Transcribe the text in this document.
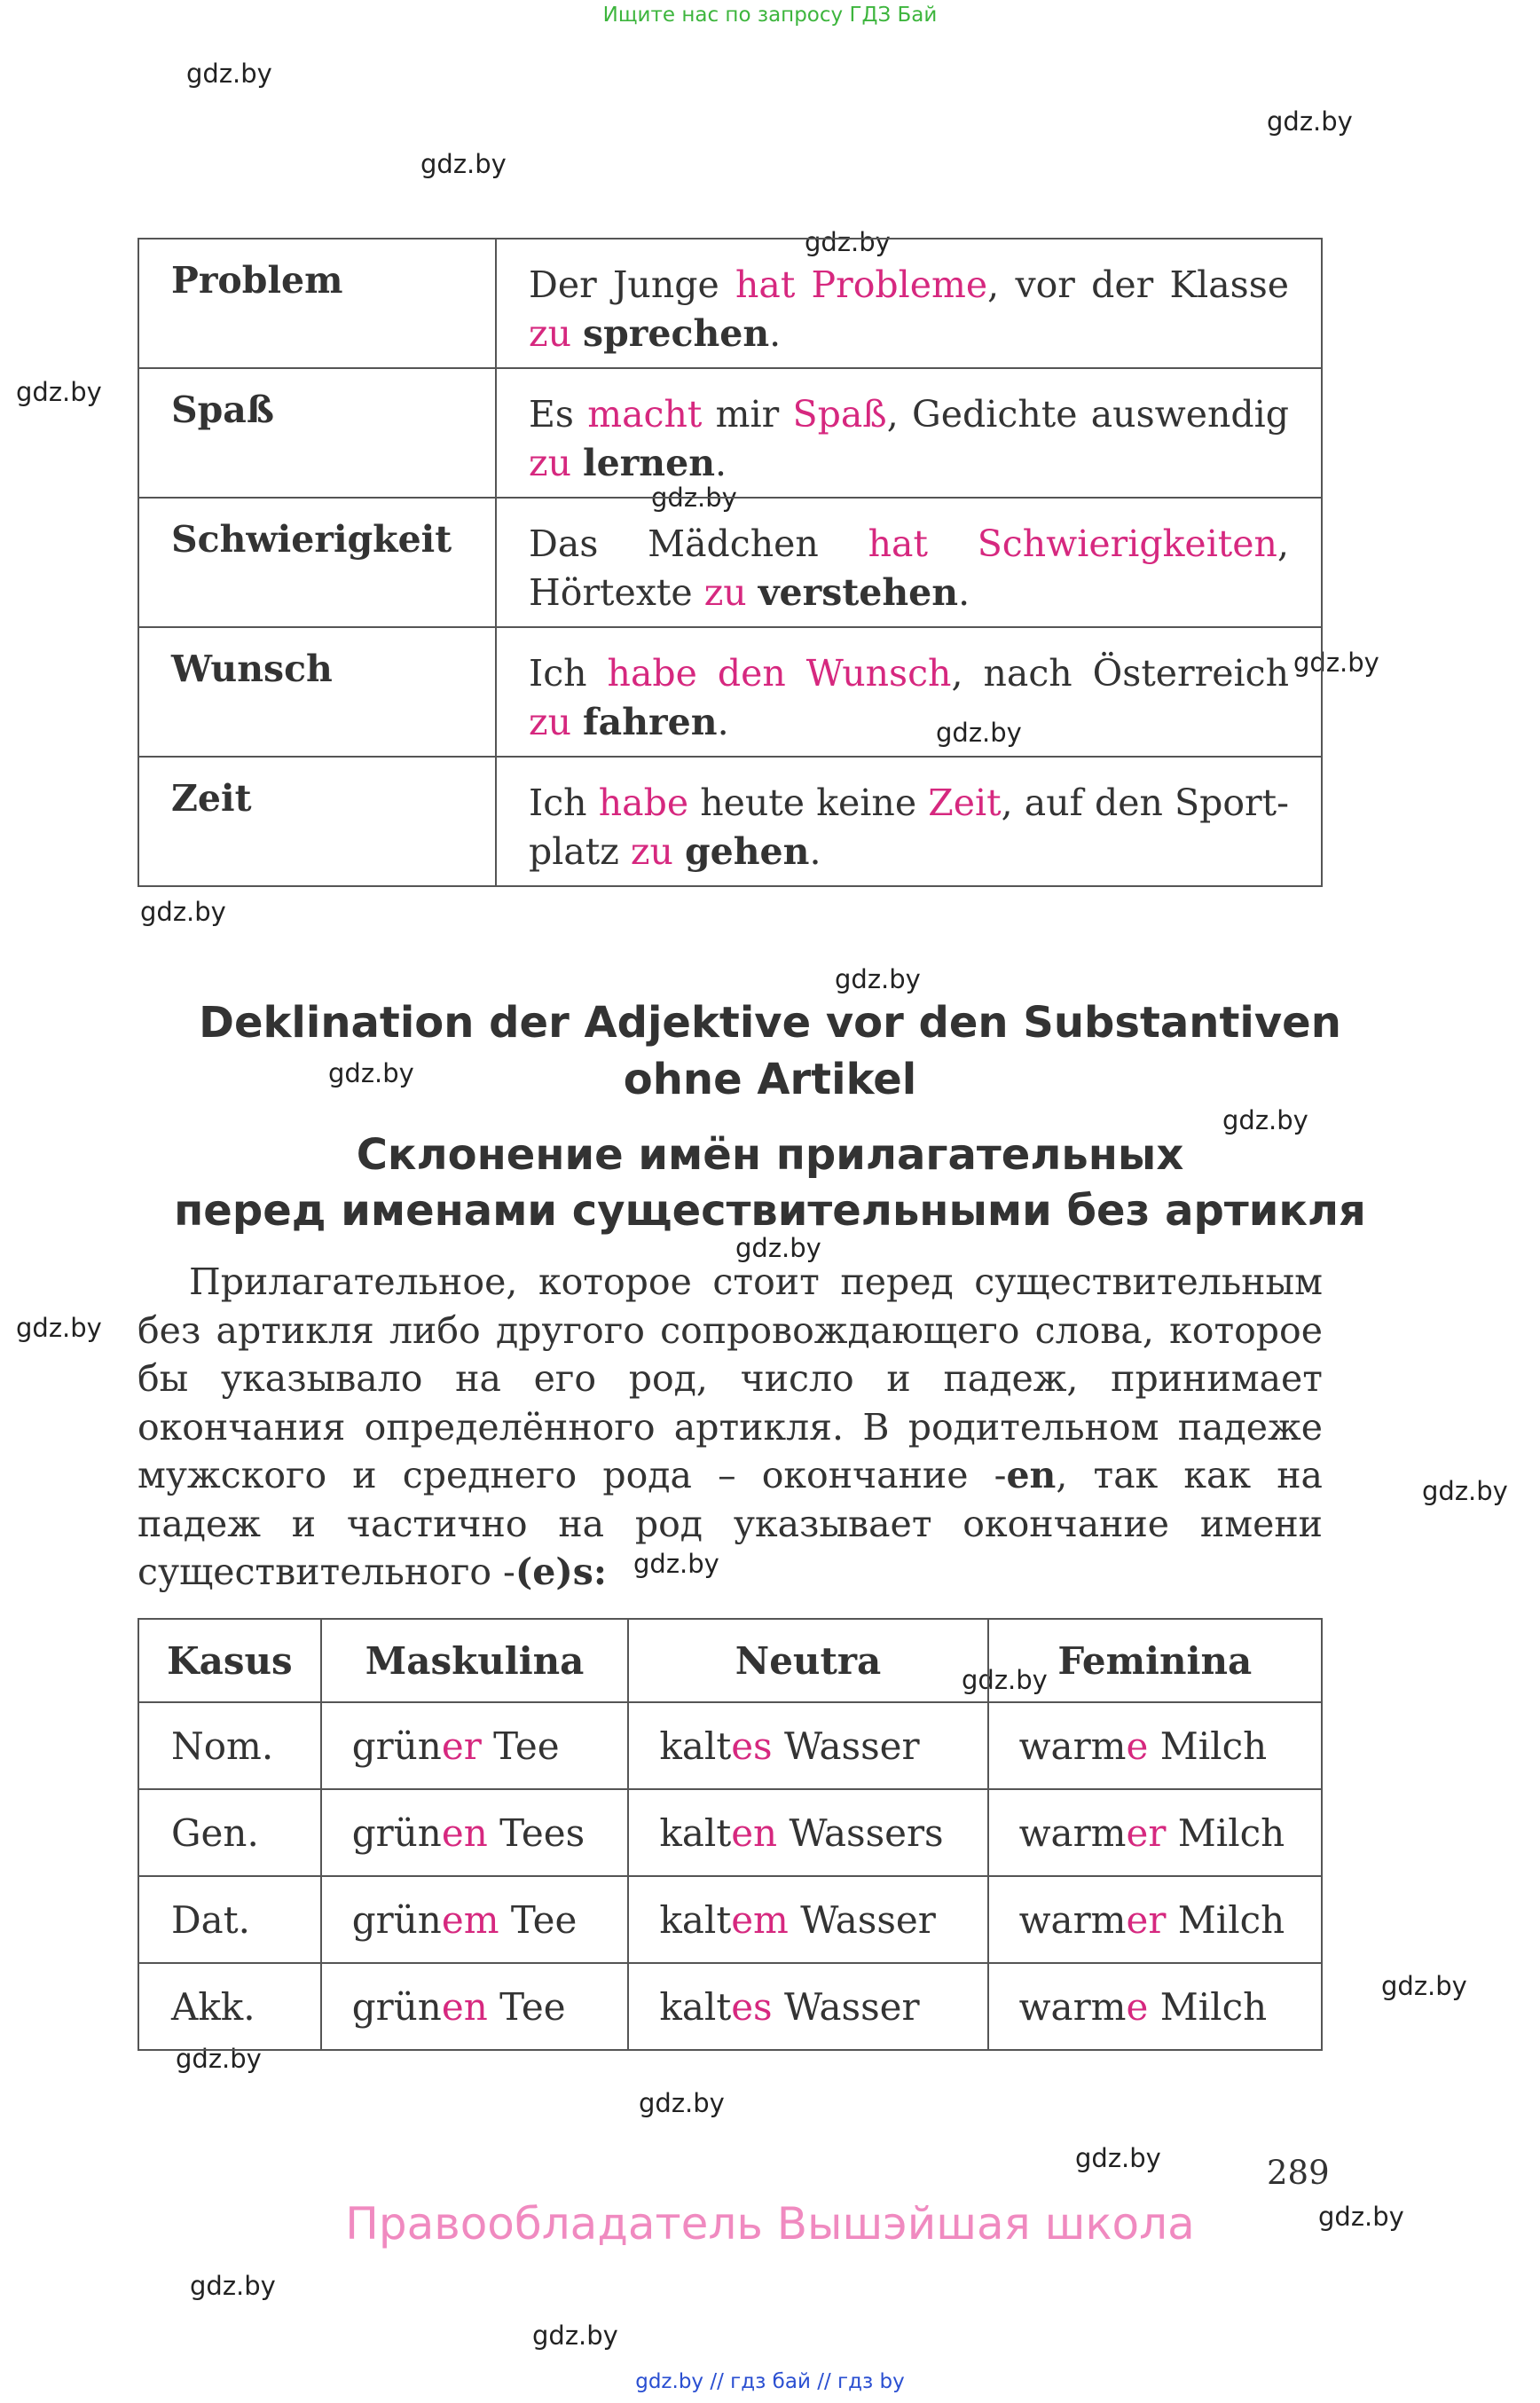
Ищите нас по запросу ГДЗ Бай
gdz.by
gdz.by
gdz.by
gdz.by
gdz.by
gdz.by
gdz.by
gdz.by
gdz.by
gdz.by
gdz.by
gdz.by
gdz.by
gdz.by
gdz.by
gdz.by
gdz.by
gdz.by
gdz.by
gdz.by
gdz.by
gdz.by
gdz.by
gdz.by
Problem	Der Junge hat Probleme, vor der Klasse zu sprechen.
Spaß	Es macht mir Spaß, Gedichte auswendig zu lernen.
Schwierigkeit	Das Mädchen hat Schwierigkeiten, Hörtexte zu verstehen.
Wunsch	Ich habe den Wunsch, nach Österreich zu fahren.
Zeit	Ich habe heute keine Zeit, auf den Sport-platz zu gehen.
Deklination der Adjektive vor den Substantiven
ohne Artikel
Склонение имён прилагательных
перед именами существительными без артикля
Прилагательное, которое стоит перед существительным без артикля либо другого сопровождающего слова, которое бы указывало на его род, число и падеж, принимает окончания определённого артикля. В родительном падеже мужского и среднего рода – окончание -en, так как на падеж и частично на род указывает окончание имени существительного -(e)s:
Kasus	Maskulina	Neutra	Feminina
Nom.	grüner Tee	kaltes Wasser	warme Milch
Gen.	grünen Tees	kalten Wassers	warmer Milch
Dat.	grünem Tee	kaltem Wasser	warmer Milch
Akk.	grünen Tee	kaltes Wasser	warme Milch
289
Правообладатель Вышэйшая школа
gdz.by // гдз бай // гдз by
